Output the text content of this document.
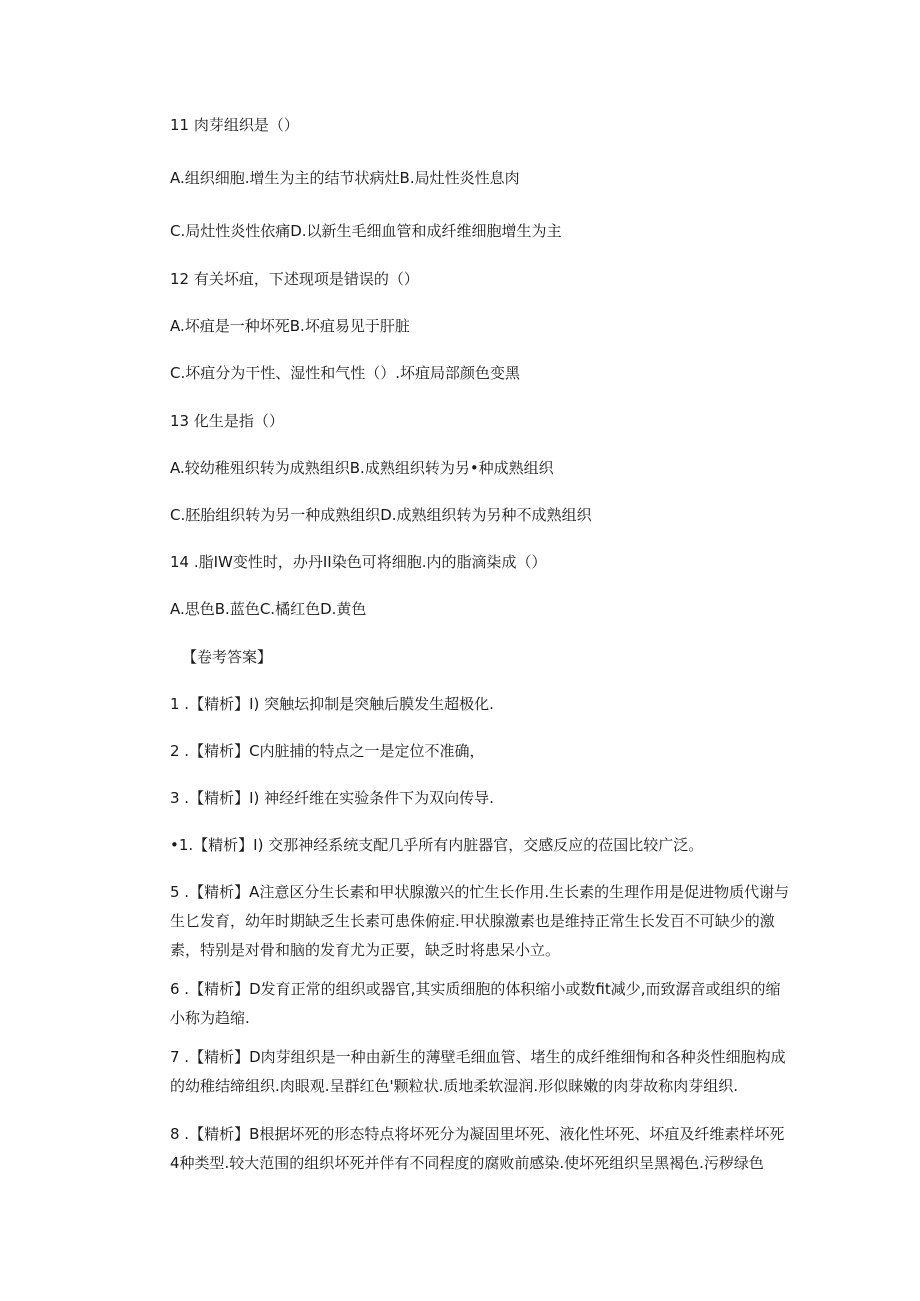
11 肉芽组织是（）
A.组织细胞.增生为主的结节状病灶B.局灶性炎性息肉
C.局灶性炎性依痛D.以新生毛细血管和成纤维细胞增生为主
12 有关坏疽，下述现项是错误的（）
A.坏疽是一种坏死B.坏疽易见于肝脏
C.坏疽分为干性、湿性和气性（）.坏疽局部颜色变黑
13 化生是指（）
A.较幼稚殂织转为成熟组织B.成熟组织转为另•种成熟组织
C.胚胎组织转为另一种成熟组织D.成熟组织转为另种不成熟组织
14 .脂IW变性时，办丹II染色可将细胞.内的脂滴柒成（）
A.思色B.蓝色C.橘红色D.黄色
【卷考答案】
1 .【精析】I) 突触坛抑制是突触后膜发生超极化.
2 .【精析】C内脏捕的特点之一是定位不准确，
3 .【精析】I) 神经纤维在实验条件下为双向传导.
•1.【精析】I) 交那神经系统支配几乎所有内脏器官，交感反应的莅国比较广泛。
5 .【精析】A注意区分生长素和甲状腺激兴的忙生长作用.生长素的生理作用是促进物质代谢与生匕发育，幼年时期缺乏生长素可患侏俯症.甲状腺激素也是维持正常生长发百不可缺少的激素，特别是对骨和脑的发育尤为正要，缺乏时将患呆小立。
6 .【精析】D发育正常的组织或器官,其实质细胞的体积缩小或数fit减少,而致潺音或组织的缩小称为趋缩.
7 .【精析】D肉芽组织是一种由新生的薄壁毛细血管、堵生的成纤维细恂和各种炎性细胞构成的幼稚结缔组织.肉眼观.呈群红色'颗粒状.质地柔软湿润.形似睐嫩的肉芽故称肉芽组织.
8 .【精析】B根据坏死的形态特点将坏死分为凝固里坏死、液化性坏死、坏疽及纤维素样坏死4种类型.较大范围的组织坏死并伴有不同程度的腐败前感染.使坏死组织呈黑褐色.污秽绿色
